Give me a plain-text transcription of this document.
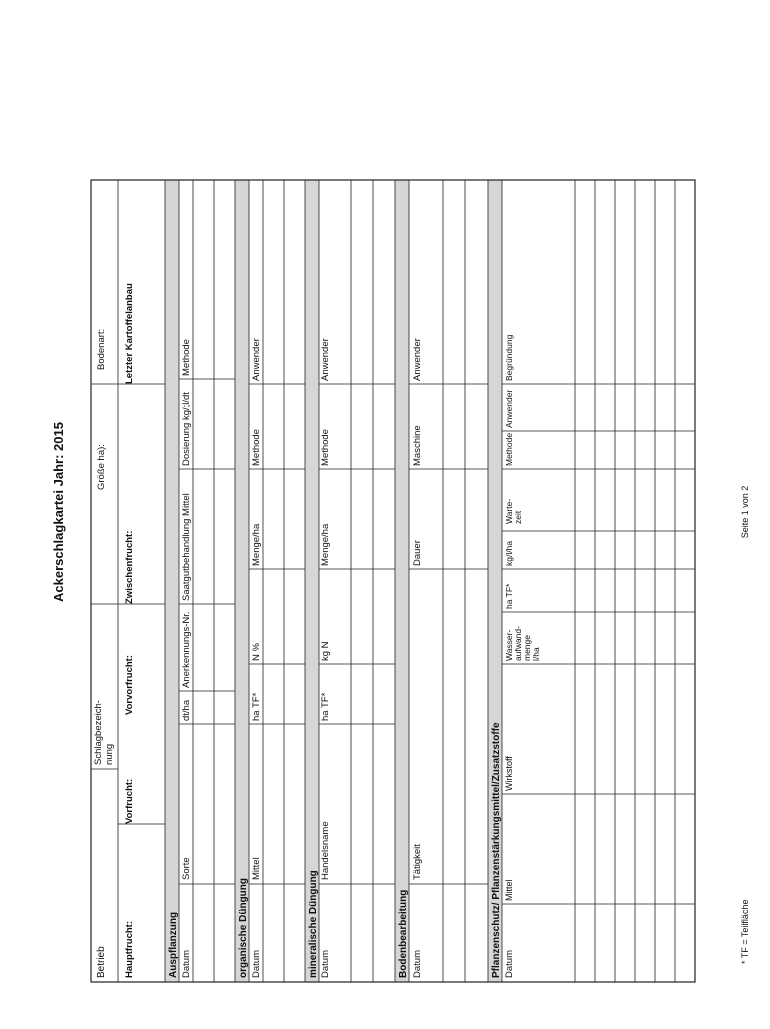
Ackerschlagkartei Jahr: 2015
Betrieb
Schlagbezeich- nung
Größe ha):
Bodenart:
Hauptfrucht:
Vorfrucht:
Vorvorfrucht:
Zwischenfrucht:
Letzter Kartoffelanbau
Auspflanzung Datum
Sorte
dt/ha
Anerkennungs-Nr.
Saatgutbehandlung Mittel
Dosierung kg/;l/dt
Methode
organische Düngung Datum
Mittel
ha TF*
N %
Menge/ha
Methode
Anwender
mineralische Düngung Datum
Handelsname
ha TF*
kg N
Menge/ha
Methode
Anwender
Bodenbearbeitung Datum
Tätigkeit
Dauer
Maschine
Anwender
Pflanzenschutz/ Pflanzenstärkungsmittel/Zusatzstoffe Datum
Mittel
Wirkstoff
Wasser- aufwand- menge l/ha
ha TF*
kg/l/ha
Warte- zeit
Methode
Anwender
Begründung
Seite 1 von 2
* TF = Teilfläche
